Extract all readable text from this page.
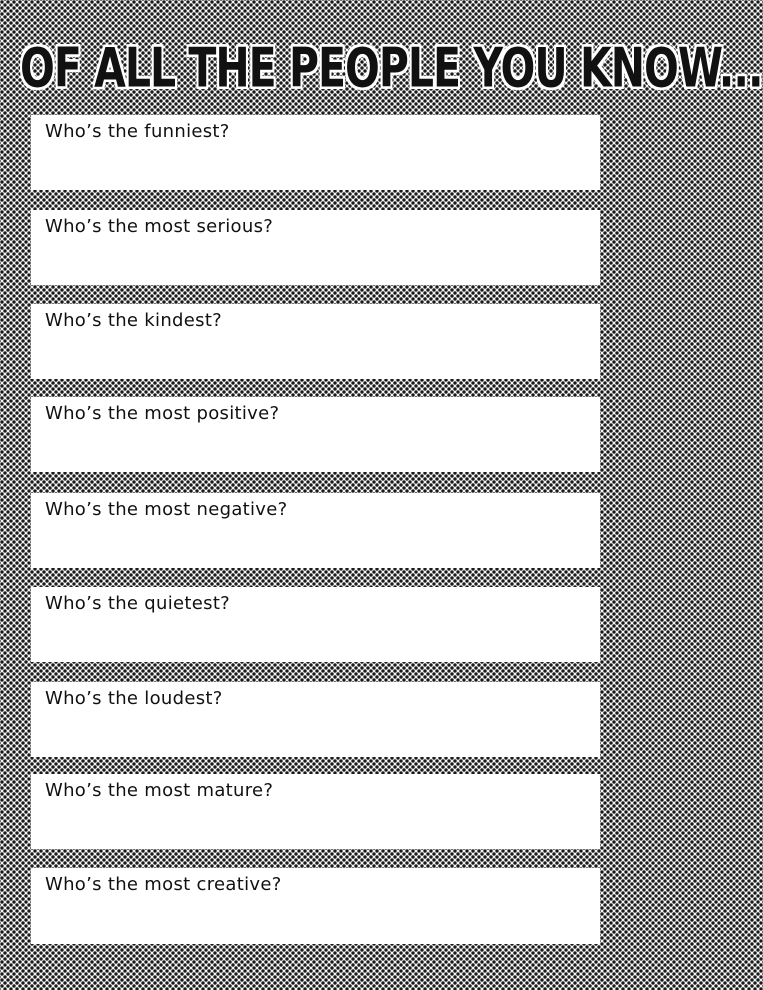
OF ALL THE PEOPLE YOU KNOW...
Who’s the funniest?
Who’s the most serious?
Who’s the kindest?
Who’s the most positive?
Who’s the most negative?
Who’s the quietest?
Who’s the loudest?
Who’s the most mature?
Who’s the most creative?
